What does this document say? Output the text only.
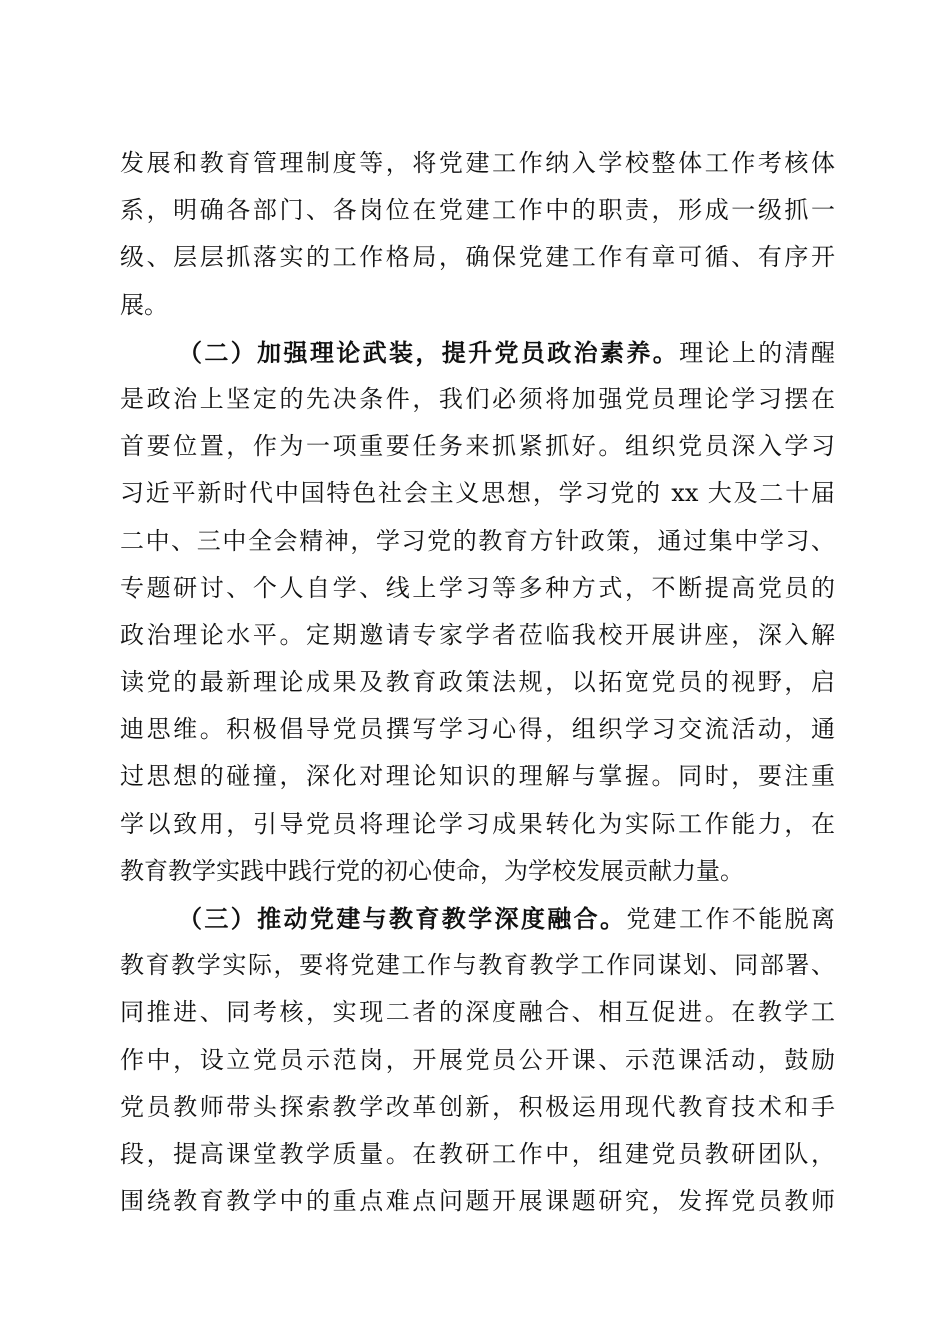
发展和教育管理制度等，将党建工作纳入学校整体工作考核体
系，明确各部门、各岗位在党建工作中的职责，形成一级抓一
级、层层抓落实的工作格局，确保党建工作有章可循、有序开
展。
（二）加强理论武装，提升党员政治素养。理论上的清醒
是政治上坚定的先决条件，我们必须将加强党员理论学习摆在
首要位置，作为一项重要任务来抓紧抓好。组织党员深入学习
习近平新时代中国特色社会主义思想，学习党的 xx 大及二十届
二中、三中全会精神，学习党的教育方针政策，通过集中学习、
专题研讨、个人自学、线上学习等多种方式，不断提高党员的
政治理论水平。定期邀请专家学者莅临我校开展讲座，深入解
读党的最新理论成果及教育政策法规，以拓宽党员的视野，启
迪思维。积极倡导党员撰写学习心得，组织学习交流活动，通
过思想的碰撞，深化对理论知识的理解与掌握。同时，要注重
学以致用，引导党员将理论学习成果转化为实际工作能力，在
教育教学实践中践行党的初心使命，为学校发展贡献力量。
（三）推动党建与教育教学深度融合。党建工作不能脱离
教育教学实际，要将党建工作与教育教学工作同谋划、同部署、
同推进、同考核，实现二者的深度融合、相互促进。在教学工
作中，设立党员示范岗，开展党员公开课、示范课活动，鼓励
党员教师带头探索教学改革创新，积极运用现代教育技术和手
段，提高课堂教学质量。在教研工作中，组建党员教研团队，
围绕教育教学中的重点难点问题开展课题研究，发挥党员教师
